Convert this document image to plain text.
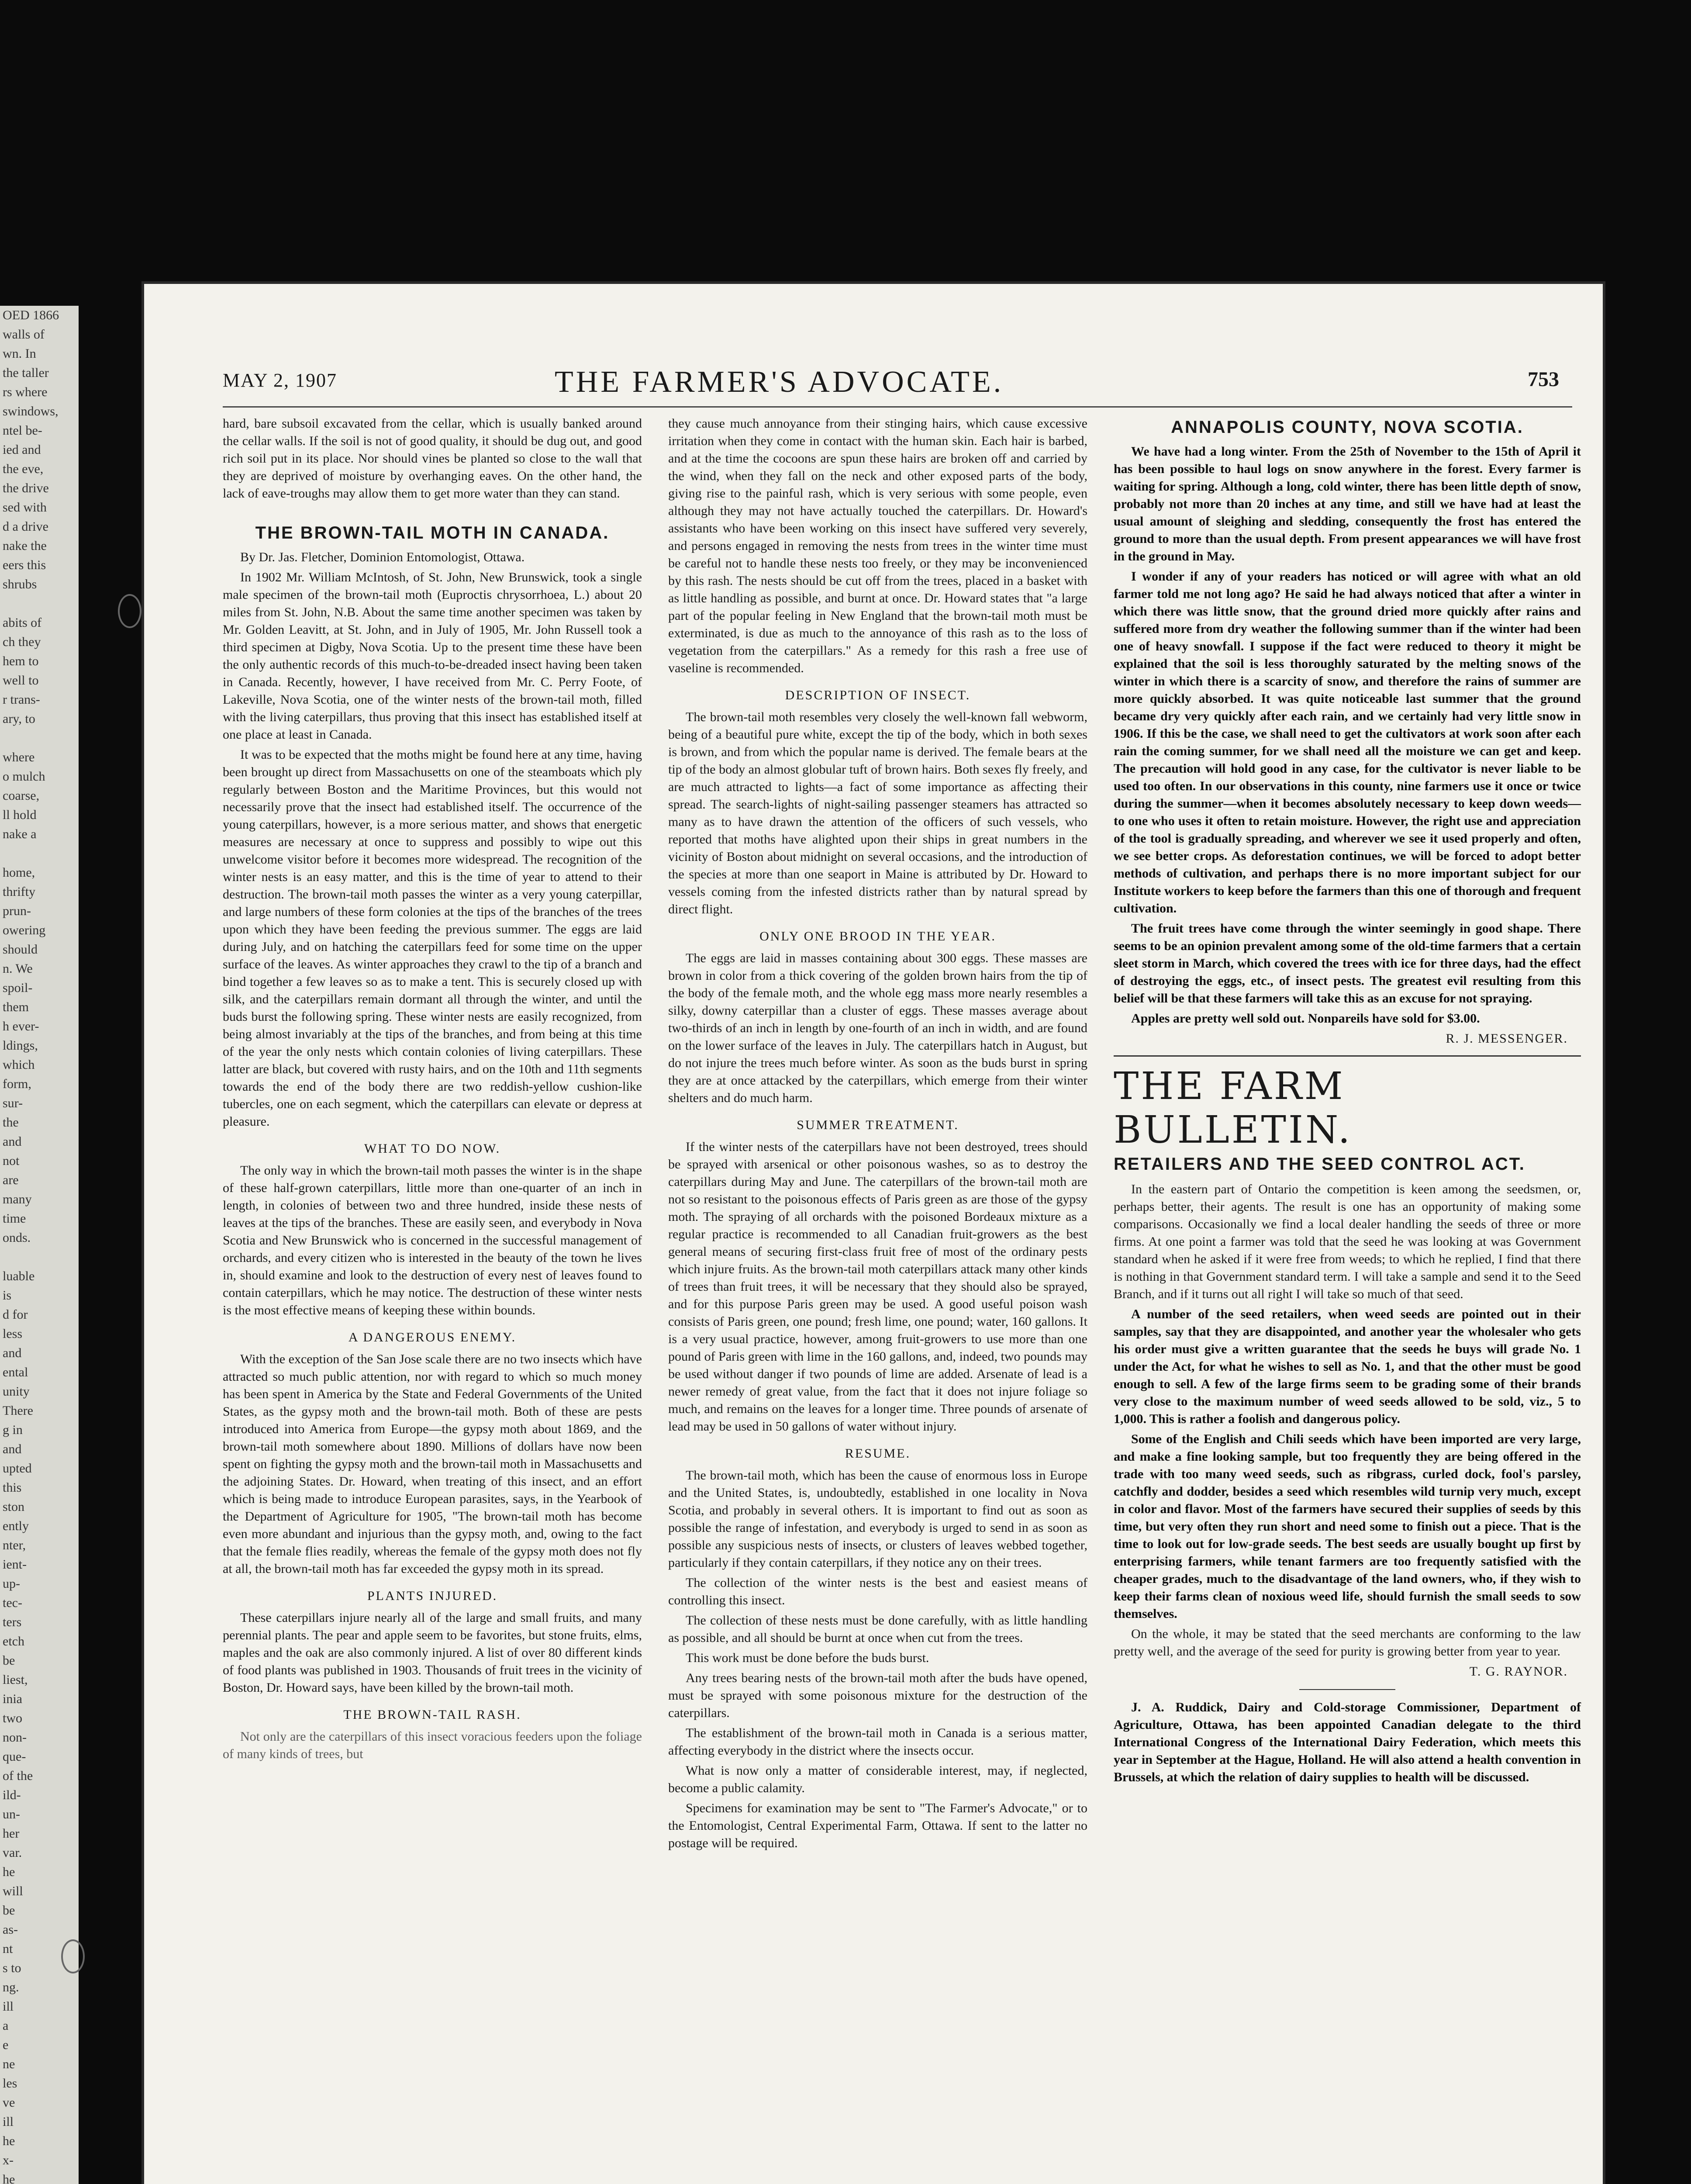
OED 1866
walls of
wn. In
the taller
rs where
swindows,
ntel be-
ied and
the eve,
the drive
sed with
d a drive
nake the
eers this
shrubs

abits of
ch they
hem to
well to
r trans-
ary, to

where
o mulch
coarse,
ll hold
nake a

home,
thrifty
prun-
owering
should
n. We
spoil-
them
h ever-
ldings,
which
form,
sur-
the
and
not
are
many
time
onds.

luable
is
d for
less
and
ental
unity
There
g in
and
upted
this
ston
ently
nter,
ient-
up-
tec-
ters
etch
be
liest,
inia
two
non-
que-
of the
ild-
un-
her
var.
he
will
be
as-
nt
s to
ng.
ill
a
e
ne
les
ve
ill
he
x-
he
MAY 2, 1907	THE FARMER'S ADVOCATE.	753

hard, bare subsoil excavated from the cellar, which is usually banked around the cellar walls. If the soil is not of good quality, it should be dug out, and good rich soil put in its place. Nor should vines be planted so close to the wall that they are deprived of moisture by overhanging eaves. On the other hand, the lack of eave-troughs may allow them to get more water than they can stand.

THE BROWN-TAIL MOTH IN CANADA.

By Dr. Jas. Fletcher, Dominion Entomologist, Ottawa.

In 1902 Mr. William McIntosh, of St. John, New Brunswick, took a single male specimen of the brown-tail moth (Euproctis chrysorrhoea, L.) about 20 miles from St. John, N.B. About the same time another specimen was taken by Mr. Golden Leavitt, at St. John, and in July of 1905, Mr. John Russell took a third specimen at Digby, Nova Scotia. Up to the present time these have been the only authentic records of this much-to-be-dreaded insect having been taken in Canada. Recently, however, I have received from Mr. C. Perry Foote, of Lakeville, Nova Scotia, one of the winter nests of the brown-tail moth, filled with the living caterpillars, thus proving that this insect has established itself at one place at least in Canada.

It was to be expected that the moths might be found here at any time, having been brought up direct from Massachusetts on one of the steamboats which ply regularly between Boston and the Maritime Provinces, but this would not necessarily prove that the insect had established itself. The occurrence of the young caterpillars, however, is a more serious matter, and shows that energetic measures are necessary at once to suppress and possibly to wipe out this unwelcome visitor before it becomes more widespread. The recognition of the winter nests is an easy matter, and this is the time of year to attend to their destruction. The brown-tail moth passes the winter as a very young caterpillar, and large numbers of these form colonies at the tips of the branches of the trees upon which they have been feeding the previous summer. The eggs are laid during July, and on hatching the caterpillars feed for some time on the upper surface of the leaves. As winter approaches they crawl to the tip of a branch and bind together a few leaves so as to make a tent. This is securely closed up with silk, and the caterpillars remain dormant all through the winter, and until the buds burst the following spring. These winter nests are easily recognized, from being almost invariably at the tips of the branches, and from being at this time of the year the only nests which contain colonies of living caterpillars. These latter are black, but covered with rusty hairs, and on the 10th and 11th segments towards the end of the body there are two reddish-yellow cushion-like tubercles, one on each segment, which the caterpillars can elevate or depress at pleasure.

WHAT TO DO NOW.

The only way in which the brown-tail moth passes the winter is in the shape of these half-grown caterpillars, little more than one-quarter of an inch in length, in colonies of between two and three hundred, inside these nests of leaves at the tips of the branches. These are easily seen, and everybody in Nova Scotia and New Brunswick who is concerned in the successful management of orchards, and every citizen who is interested in the beauty of the town he lives in, should examine and look to the destruction of every nest of leaves found to contain caterpillars, which he may notice. The destruction of these winter nests is the most effective means of keeping these within bounds.

A DANGEROUS ENEMY.

With the exception of the San Jose scale there are no two insects which have attracted so much public attention, nor with regard to which so much money has been spent in America by the State and Federal Governments of the United States, as the gypsy moth and the brown-tail moth. Both of these are pests introduced into America from Europe—the gypsy moth about 1869, and the brown-tail moth somewhere about 1890. Millions of dollars have now been spent on fighting the gypsy moth and the brown-tail moth in Massachusetts and the adjoining States. Dr. Howard, when treating of this insect, and an effort which is being made to introduce European parasites, says, in the Yearbook of the Department of Agriculture for 1905, "The brown-tail moth has become even more abundant and injurious than the gypsy moth, and, owing to the fact that the female flies readily, whereas the female of the gypsy moth does not fly at all, the brown-tail moth has far exceeded the gypsy moth in its spread.

PLANTS INJURED.

These caterpillars injure nearly all of the large and small fruits, and many perennial plants. The pear and apple seem to be favorites, but stone fruits, elms, maples and the oak are also commonly injured. A list of over 80 different kinds of food plants was published in 1903. Thousands of fruit trees in the vicinity of Boston, Dr. Howard says, have been killed by the brown-tail moth.

THE BROWN-TAIL RASH.

Not only are the caterpillars of this insect voracious feeders upon the foliage of many kinds of trees, but

they cause much annoyance from their stinging hairs, which cause excessive irritation when they come in contact with the human skin. Each hair is barbed, and at the time the cocoons are spun these hairs are broken off and carried by the wind, when they fall on the neck and other exposed parts of the body, giving rise to the painful rash, which is very serious with some people, even although they may not have actually touched the caterpillars. Dr. Howard's assistants who have been working on this insect have suffered very severely, and persons engaged in removing the nests from trees in the winter time must be careful not to handle these nests too freely, or they may be inconvenienced by this rash. The nests should be cut off from the trees, placed in a basket with as little handling as possible, and burnt at once. Dr. Howard states that "a large part of the popular feeling in New England that the brown-tail moth must be exterminated, is due as much to the annoyance of this rash as to the loss of vegetation from the caterpillars." As a remedy for this rash a free use of vaseline is recommended.

DESCRIPTION OF INSECT.

The brown-tail moth resembles very closely the well-known fall webworm, being of a beautiful pure white, except the tip of the body, which in both sexes is brown, and from which the popular name is derived. The female bears at the tip of the body an almost globular tuft of brown hairs. Both sexes fly freely, and are much attracted to lights—a fact of some importance as affecting their spread. The search-lights of night-sailing passenger steamers has attracted so many as to have drawn the attention of the officers of such vessels, who reported that moths have alighted upon their ships in great numbers in the vicinity of Boston about midnight on several occasions, and the introduction of the species at more than one seaport in Maine is attributed by Dr. Howard to vessels coming from the infested districts rather than by natural spread by direct flight.

ONLY ONE BROOD IN THE YEAR.

The eggs are laid in masses containing about 300 eggs. These masses are brown in color from a thick covering of the golden brown hairs from the tip of the body of the female moth, and the whole egg mass more nearly resembles a silky, downy caterpillar than a cluster of eggs. These masses average about two-thirds of an inch in length by one-fourth of an inch in width, and are found on the lower surface of the leaves in July. The caterpillars hatch in August, but do not injure the trees much before winter. As soon as the buds burst in spring they are at once attacked by the caterpillars, which emerge from their winter shelters and do much harm.

SUMMER TREATMENT.

If the winter nests of the caterpillars have not been destroyed, trees should be sprayed with arsenical or other poisonous washes, so as to destroy the caterpillars during May and June. The caterpillars of the brown-tail moth are not so resistant to the poisonous effects of Paris green as are those of the gypsy moth. The spraying of all orchards with the poisoned Bordeaux mixture as a regular practice is recommended to all Canadian fruit-growers as the best general means of securing first-class fruit free of most of the ordinary pests which injure fruits. As the brown-tail moth caterpillars attack many other kinds of trees than fruit trees, it will be necessary that they should also be sprayed, and for this purpose Paris green may be used. A good useful poison wash consists of Paris green, one pound; fresh lime, one pound; water, 160 gallons. It is a very usual practice, however, among fruit-growers to use more than one pound of Paris green with lime in the 160 gallons, and, indeed, two pounds may be used without danger if two pounds of lime are added. Arsenate of lead is a newer remedy of great value, from the fact that it does not injure foliage so much, and remains on the leaves for a longer time. Three pounds of arsenate of lead may be used in 50 gallons of water without injury.

RESUME.

The brown-tail moth, which has been the cause of enormous loss in Europe and the United States, is, undoubtedly, established in one locality in Nova Scotia, and probably in several others. It is important to find out as soon as possible the range of infestation, and everybody is urged to send in as soon as possible any suspicious nests of insects, or clusters of leaves webbed together, particularly if they contain caterpillars, if they notice any on their trees.

The collection of the winter nests is the best and easiest means of controlling this insect.

The collection of these nests must be done carefully, with as little handling as possible, and all should be burnt at once when cut from the trees.

This work must be done before the buds burst.

Any trees bearing nests of the brown-tail moth after the buds have opened, must be sprayed with some poisonous mixture for the destruction of the caterpillars.

The establishment of the brown-tail moth in Canada is a serious matter, affecting everybody in the district where the insects occur.

What is now only a matter of considerable interest, may, if neglected, become a public calamity.

Specimens for examination may be sent to "The Farmer's Advocate," or to the Entomologist, Central Experimental Farm, Ottawa. If sent to the latter no postage will be required.

ANNAPOLIS COUNTY, NOVA SCOTIA.

We have had a long winter. From the 25th of November to the 15th of April it has been possible to haul logs on snow anywhere in the forest. Every farmer is waiting for spring. Although a long, cold winter, there has been little depth of snow, probably not more than 20 inches at any time, and still we have had at least the usual amount of sleighing and sledding, consequently the frost has entered the ground to more than the usual depth. From present appearances we will have frost in the ground in May.

I wonder if any of your readers has noticed or will agree with what an old farmer told me not long ago? He said he had always noticed that after a winter in which there was little snow, that the ground dried more quickly after rains and suffered more from dry weather the following summer than if the winter had been one of heavy snowfall. I suppose if the fact were reduced to theory it might be explained that the soil is less thoroughly saturated by the melting snows of the winter in which there is a scarcity of snow, and therefore the rains of summer are more quickly absorbed. It was quite noticeable last summer that the ground became dry very quickly after each rain, and we certainly had very little snow in 1906. If this be the case, we shall need to get the cultivators at work soon after each rain the coming summer, for we shall need all the moisture we can get and keep. The precaution will hold good in any case, for the cultivator is never liable to be used too often. In our observations in this county, nine farmers use it once or twice during the summer—when it becomes absolutely necessary to keep down weeds—to one who uses it often to retain moisture. However, the right use and appreciation of the tool is gradually spreading, and wherever we see it used properly and often, we see better crops. As deforestation continues, we will be forced to adopt better methods of cultivation, and perhaps there is no more important subject for our Institute workers to keep before the farmers than this one of thorough and frequent cultivation.

The fruit trees have come through the winter seemingly in good shape. There seems to be an opinion prevalent among some of the old-time farmers that a certain sleet storm in March, which covered the trees with ice for three days, had the effect of destroying the eggs, etc., of insect pests. The greatest evil resulting from this belief will be that these farmers will take this as an excuse for not spraying.

Apples are pretty well sold out. Nonpareils have sold for $3.00.

R. J. MESSENGER.
THE FARM BULLETIN.
RETAILERS AND THE SEED CONTROL ACT.

In the eastern part of Ontario the competition is keen among the seedsmen, or, perhaps better, their agents. The result is one has an opportunity of making some comparisons. Occasionally we find a local dealer handling the seeds of three or more firms. At one point a farmer was told that the seed he was looking at was Government standard when he asked if it were free from weeds; to which he replied, I find that there is nothing in that Government standard term. I will take a sample and send it to the Seed Branch, and if it turns out all right I will take so much of that seed.

A number of the seed retailers, when weed seeds are pointed out in their samples, say that they are disappointed, and another year the wholesaler who gets his order must give a written guarantee that the seeds he buys will grade No. 1 under the Act, for what he wishes to sell as No. 1, and that the other must be good enough to sell. A few of the large firms seem to be grading some of their brands very close to the maximum number of weed seeds allowed to be sold, viz., 5 to 1,000. This is rather a foolish and dangerous policy.

Some of the English and Chili seeds which have been imported are very large, and make a fine looking sample, but too frequently they are being offered in the trade with too many weed seeds, such as ribgrass, curled dock, fool's parsley, catchfly and dodder, besides a seed which resembles wild turnip very much, except in color and flavor. Most of the farmers have secured their supplies of seeds by this time, but very often they run short and need some to finish out a piece. That is the time to look out for low-grade seeds. The best seeds are usually bought up first by enterprising farmers, while tenant farmers are too frequently satisfied with the cheaper grades, much to the disadvantage of the land owners, who, if they wish to keep their farms clean of noxious weed life, should furnish the small seeds to sow themselves.

On the whole, it may be stated that the seed merchants are conforming to the law pretty well, and the average of the seed for purity is growing better from year to year.

T. G. RAYNOR.

J. A. Ruddick, Dairy and Cold-storage Commissioner, Department of Agriculture, Ottawa, has been appointed Canadian delegate to the third International Congress of the International Dairy Federation, which meets this year in September at the Hague, Holland. He will also attend a health convention in Brussels, at which the relation of dairy supplies to health will be discussed.
